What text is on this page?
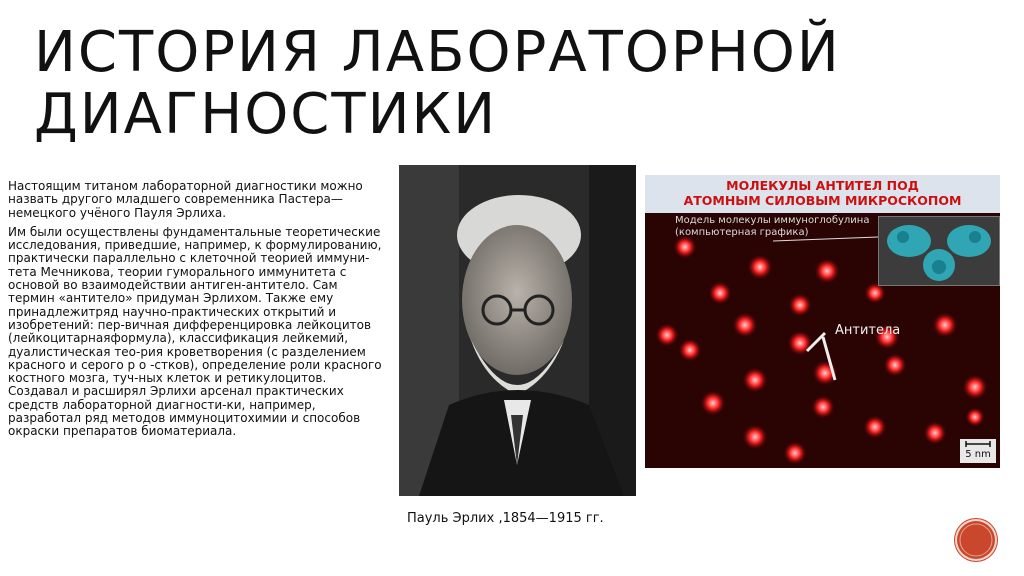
ИСТОРИЯ ЛАБОРАТОРНОЙ ДИАГНОСТИКИ

Настоящим титаном лабораторной диагностики можно назвать другого младшего современника Пастера— немецкого учёного Пауля Эрлиха.

Им были осуществлены фундаментальные теоретические исследования, приведшие, например, к формулированию, практически параллельно с клеточной теорией иммуни-тета Мечникова, теории гуморального иммунитета с основой во взаимодействии антиген-антитело. Сам термин «антитело» придуман Эрлихом. Также ему принадлежитряд научно-практических открытий и изобретений: пер-вичная дифференцировка лейкоцитов (лейкоцитарнаяформула), классификация лейкемий, дуалистическая тео-рия кроветворения (с разделением красного и серого р о -стков), определение роли красного костного мозга, туч-ных клеток и ретикулоцитов. Создавал и расширял Эрлихи арсенал практических средств лабораторной диагности-ки, например, разработал ряд методов иммуноцитохимии и способов окраски препаратов биоматериала.

Пауль Эрлих ,1854—1915 гг.
МОЛЕКУЛЫ АНТИТЕЛ ПОД
АТОМНЫМ СИЛОВЫМ МИКРОСКОПОМ
Модель молекулы иммуноглобулина
(компьютерная графика)
Антитела
5 nm
